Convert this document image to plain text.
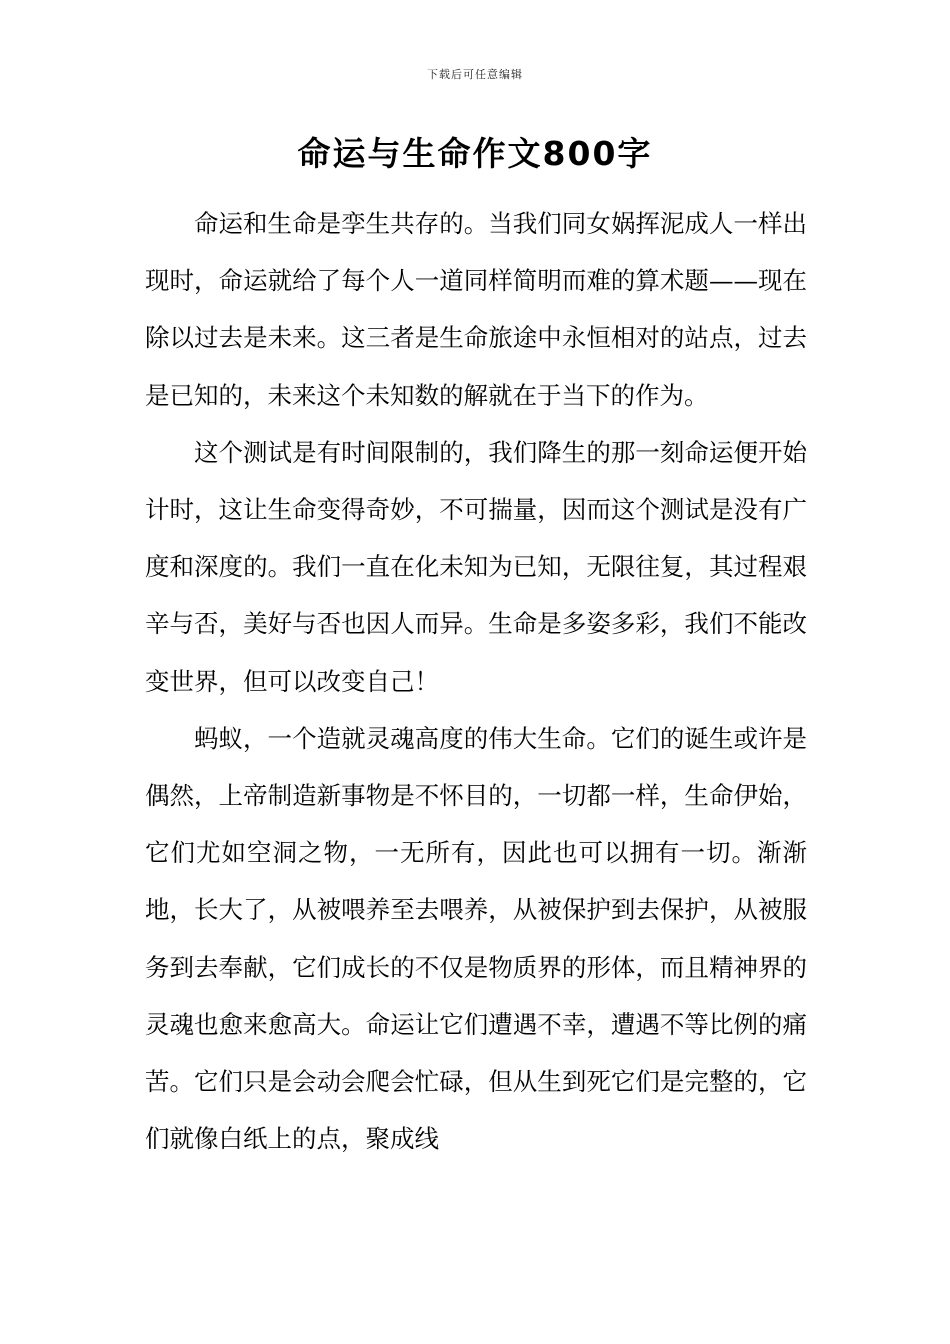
下载后可任意编辑
命运与生命作文800字

命运和生命是孪生共存的。当我们同女娲挥泥成人一样出现时，命运就给了每个人一道同样简明而难的算术题——现在除以过去是未来。这三者是生命旅途中永恒相对的站点，过去是已知的，未来这个未知数的解就在于当下的作为。

这个测试是有时间限制的，我们降生的那一刻命运便开始计时，这让生命变得奇妙，不可揣量，因而这个测试是没有广度和深度的。我们一直在化未知为已知，无限往复，其过程艰辛与否，美好与否也因人而异。生命是多姿多彩，我们不能改变世界，但可以改变自己！

蚂蚁，一个造就灵魂高度的伟大生命。它们的诞生或许是偶然，上帝制造新事物是不怀目的，一切都一样，生命伊始，它们尤如空洞之物，一无所有，因此也可以拥有一切。渐渐地，长大了，从被喂养至去喂养，从被保护到去保护，从被服务到去奉献，它们成长的不仅是物质界的形体，而且精神界的灵魂也愈来愈高大。命运让它们遭遇不幸，遭遇不等比例的痛苦。它们只是会动会爬会忙碌，但从生到死它们是完整的，它们就像白纸上的点，聚成线
